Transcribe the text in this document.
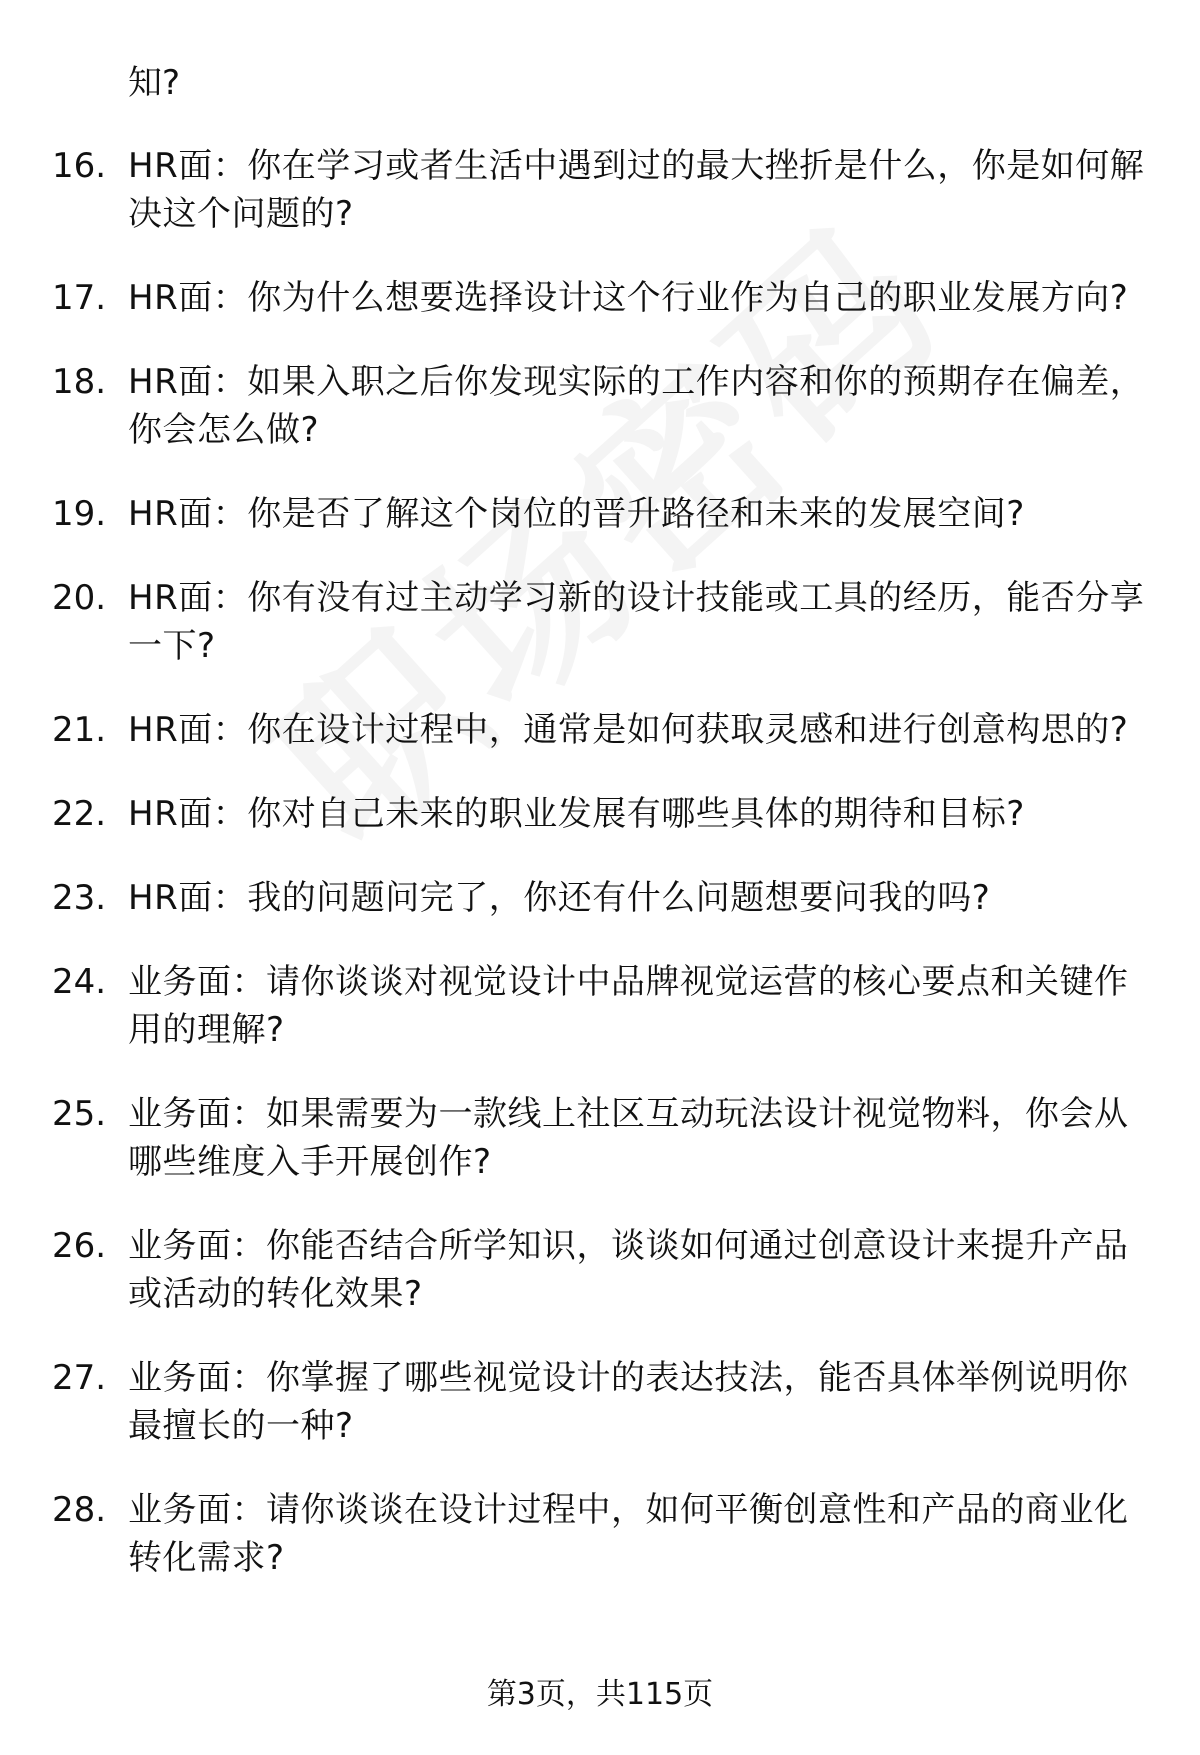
知?

16. HR面：你在学习或者生活中遇到过的最大挫折是什么，你是如何解决这个问题的?
17. HR面：你为什么想要选择设计这个行业作为自己的职业发展方向?
18. HR面：如果入职之后你发现实际的工作内容和你的预期存在偏差，你会怎么做?
19. HR面：你是否了解这个岗位的晋升路径和未来的发展空间?
20. HR面：你有没有过主动学习新的设计技能或工具的经历，能否分享一下?
21. HR面：你在设计过程中，通常是如何获取灵感和进行创意构思的?
22. HR面：你对自己未来的职业发展有哪些具体的期待和目标?
23. HR面：我的问题问完了，你还有什么问题想要问我的吗?
24. 业务面：请你谈谈对视觉设计中品牌视觉运营的核心要点和关键作用的理解?
25. 业务面：如果需要为一款线上社区互动玩法设计视觉物料，你会从哪些维度入手开展创作?
26. 业务面：你能否结合所学知识，谈谈如何通过创意设计来提升产品或活动的转化效果?
27. 业务面：你掌握了哪些视觉设计的表达技法，能否具体举例说明你最擅长的一种?
28. 业务面：请你谈谈在设计过程中，如何平衡创意性和产品的商业化转化需求?
第3页，共115页
